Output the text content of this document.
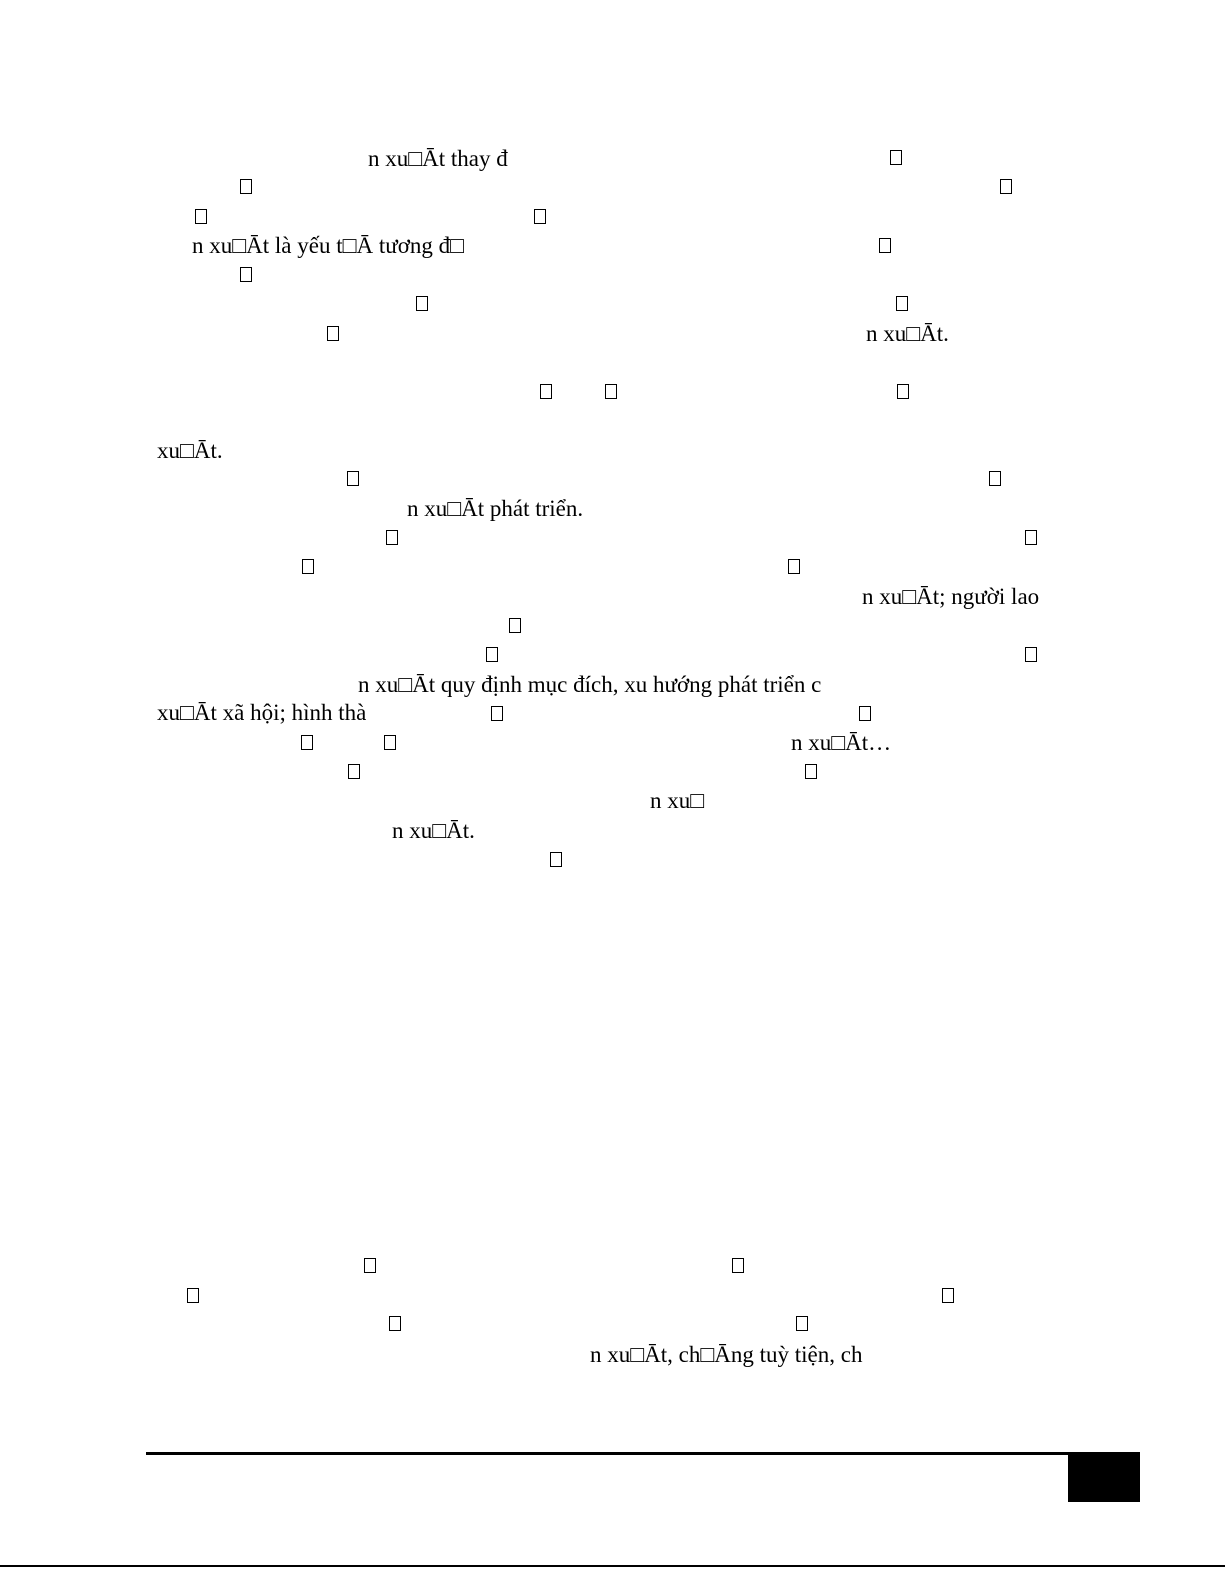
n xu□Āt thay đ
n xu□Āt là yếu t□Ā tương đ□
n xu□Āt.
xu□Āt.
n xu□Āt phát triển.
n xu□Āt; người lao
n xu□Āt quy định mục đích, xu hướng phát triển c
xu□Āt xã hội; hình thà
n xu□Āt…
n xu□
n xu□Āt.
n xu□Āt, ch□Āng tuỳ tiện, ch
